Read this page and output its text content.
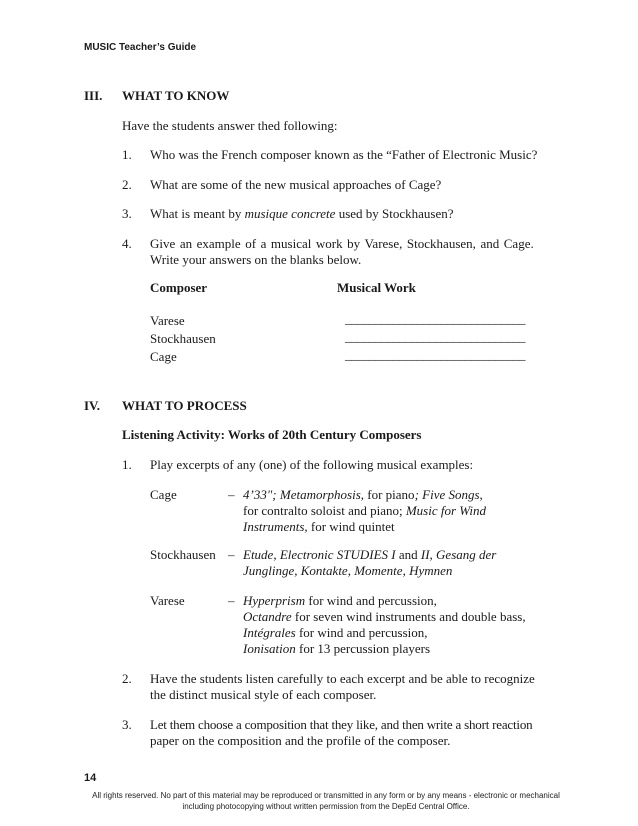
MUSIC Teacher’s Guide
III. WHAT TO KNOW
Have the students answer thed following:
1. Who was the French composer known as the “Father of Electronic Music?
2. What are some of the new musical approaches of Cage?
3. What is meant by musique concrete used by Stockhausen?
4. Give an example of a musical work by Varese, Stockhausen, and Cage.
Write your answers on the blanks below.
Composer	Musical Work
Varese	______________________________
Stockhausen	______________________________
Cage	______________________________
IV. WHAT TO PROCESS
Listening Activity: Works of 20th Century Composers
1. Play excerpts of any (one) of the following musical examples:
Cage	– 4’33"; Metamorphosis, for piano; Five Songs,
for contralto soloist and piano; Music for Wind
Instruments, for wind quintet
Stockhausen – Etude, Electronic STUDIES I and II, Gesang der
Junglinge, Kontakte, Momente, Hymnen
Varese	– Hyperprism for wind and percussion,
Octandre for seven wind instruments and double bass,
Intégrales for wind and percussion,
Ionisation for 13 percussion players
2. Have the students listen carefully to each excerpt and be able to recognize
the distinct musical style of each composer.
3. Let them choose a composition that they like, and then write a short reaction
paper on the composition and the profile of the composer.
14
All rights reserved. No part of this material may be reproduced or transmitted in any form or by any means - electronic or mechanical including photocopying without written permission from the DepEd Central Office.
